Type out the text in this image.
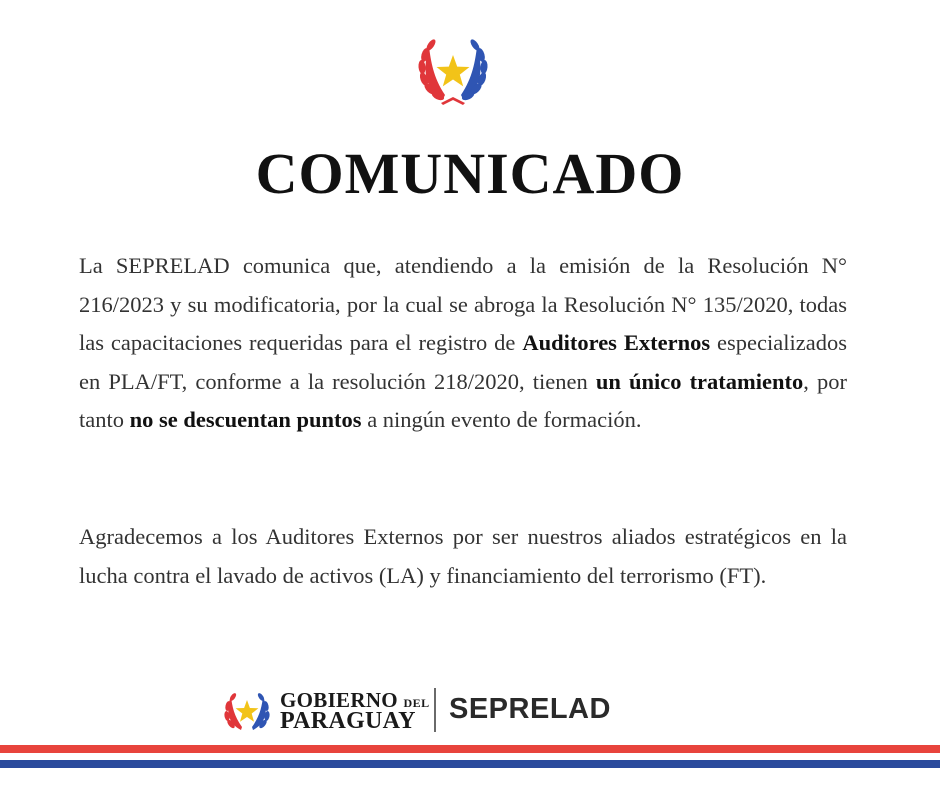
COMUNICADO

La SEPRELAD comunica que, atendiendo a la emisión de la Resolución N° 216/2023 y su modificatoria, por la cual se abroga la Resolución N° 135/2020, todas las capacitaciones requeridas para el registro de Auditores Externos especializados en PLA/FT, conforme a la resolución 218/2020, tienen un único tratamiento, por tanto no se descuentan puntos a ningún evento de formación.

Agradecemos a los Auditores Externos por ser nuestros aliados estratégicos en la lucha contra el lavado de activos (LA) y financiamiento del terrorismo (FT).

GOBIERNO DEL
PARAGUAY SEPRELAD
